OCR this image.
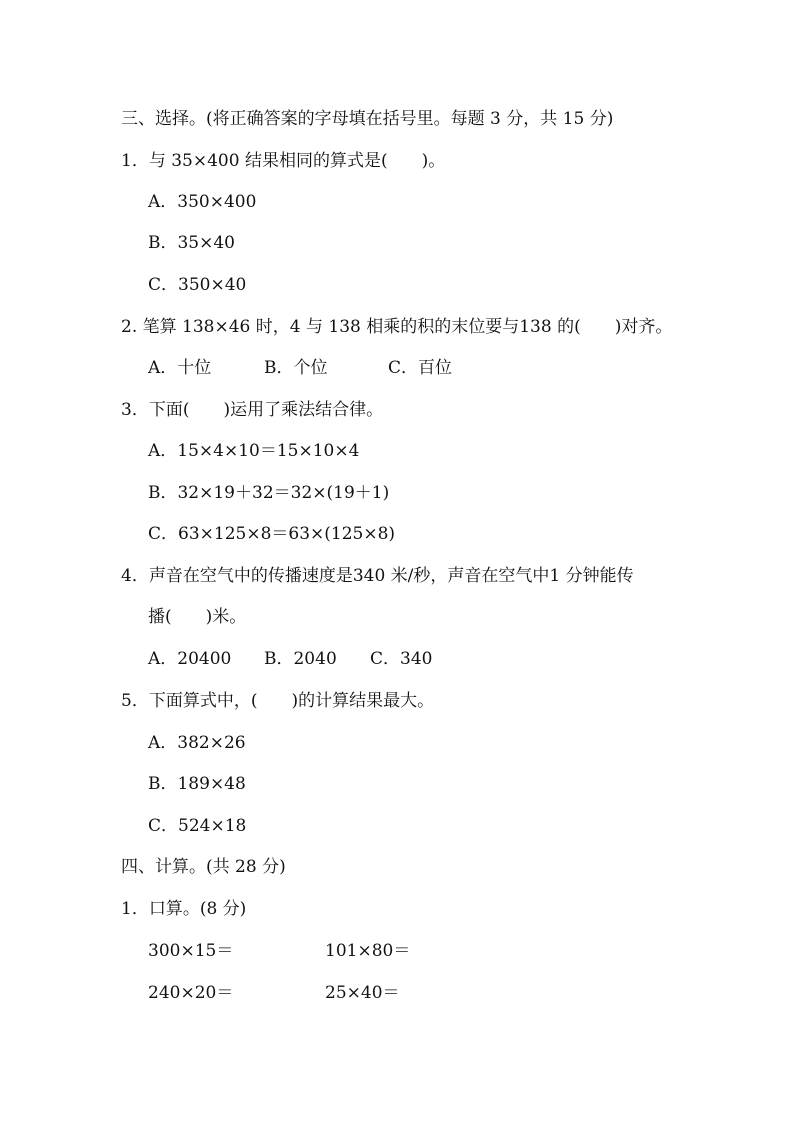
三、选择。(将正确答案的字母填在括号里。每题 3 分，共 15 分)
1．与 35×400 结果相同的算式是(　　)。
A．350×400
B．35×40
C．350×40
2. 笔算 138×46 时，4 与 138 相乘的积的末位要与138 的(　　)对齐。
A．十位	B．个位	C．百位
3．下面(　　)运用了乘法结合律。
A．15×4×10＝15×10×4
B．32×19＋32＝32×(19＋1)
C．63×125×8＝63×(125×8)
4．声音在空气中的传播速度是340 米/秒，声音在空气中1 分钟能传
播(　　)米。
A．20400 B．2040 C．340
5．下面算式中，(　　)的计算结果最大。
A．382×26
B．189×48
C．524×18
四、计算。(共 28 分)
1．口算。(8 分)
300×15＝	101×80＝
240×20＝	25×40＝
